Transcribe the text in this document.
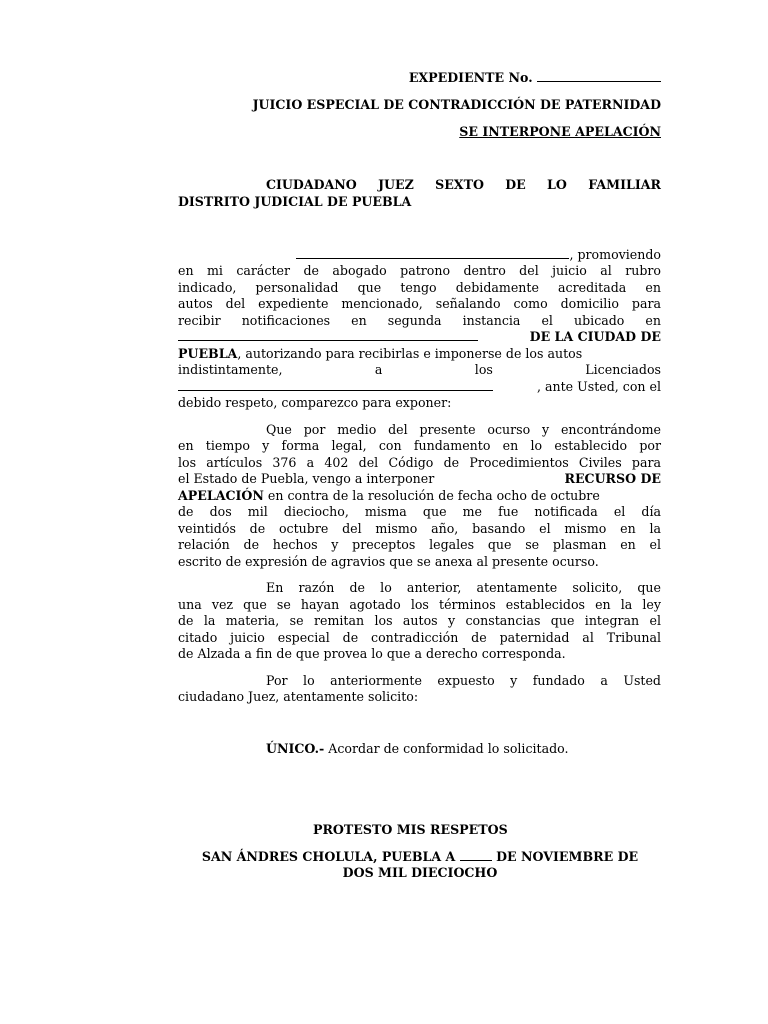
EXPEDIENTE No.
JUICIO ESPECIAL DE CONTRADICCIÓN DE PATERNIDAD
SE INTERPONE APELACIÓN
CIUDADANO JUEZ SEXTO DE LO FAMILIAR
DISTRITO JUDICIAL DE PUEBLA
, promoviendo
en mi carácter de abogado patrono dentro del juicio al rubro
indicado, personalidad que tengo debidamente acreditada en
autos del expediente mencionado, señalando como domicilio para
recibir notificaciones en segunda instancia el ubicado en
DE LA CIUDAD DE
PUEBLA, autorizando para recibirlas e imponerse de los autos
indistintamente, a los Licenciados
, ante Usted, con el
debido respeto, comparezco para exponer:
Que por medio del presente ocurso y encontrándome
en tiempo y forma legal, con fundamento en lo establecido por
los artículos 376 a 402 del Código de Procedimientos Civiles para
el Estado de Puebla, vengo a interponer	RECURSO DE
APELACIÓN en contra de la resolución de fecha ocho de octubre
de dos mil dieciocho, misma que me fue notificada el día
veintidós de octubre del mismo año, basando el mismo en la
relación de hechos y preceptos legales que se plasman en el
escrito de expresión de agravios que se anexa al presente ocurso.
En razón de lo anterior, atentamente solicito, que
una vez que se hayan agotado los términos establecidos en la ley
de la materia, se remitan los autos y constancias que integran el
citado juicio especial de contradicción de paternidad al Tribunal
de Alzada a fin de que provea lo que a derecho corresponda.
Por lo anteriormente expuesto y fundado a Usted
ciudadano Juez, atentamente solicito:
ÚNICO.- Acordar de conformidad lo solicitado.
PROTESTO MIS RESPETOS
SAN ÁNDRES CHOLULA, PUEBLA A	DE NOVIEMBRE DE
DOS MIL DIECIOCHO
